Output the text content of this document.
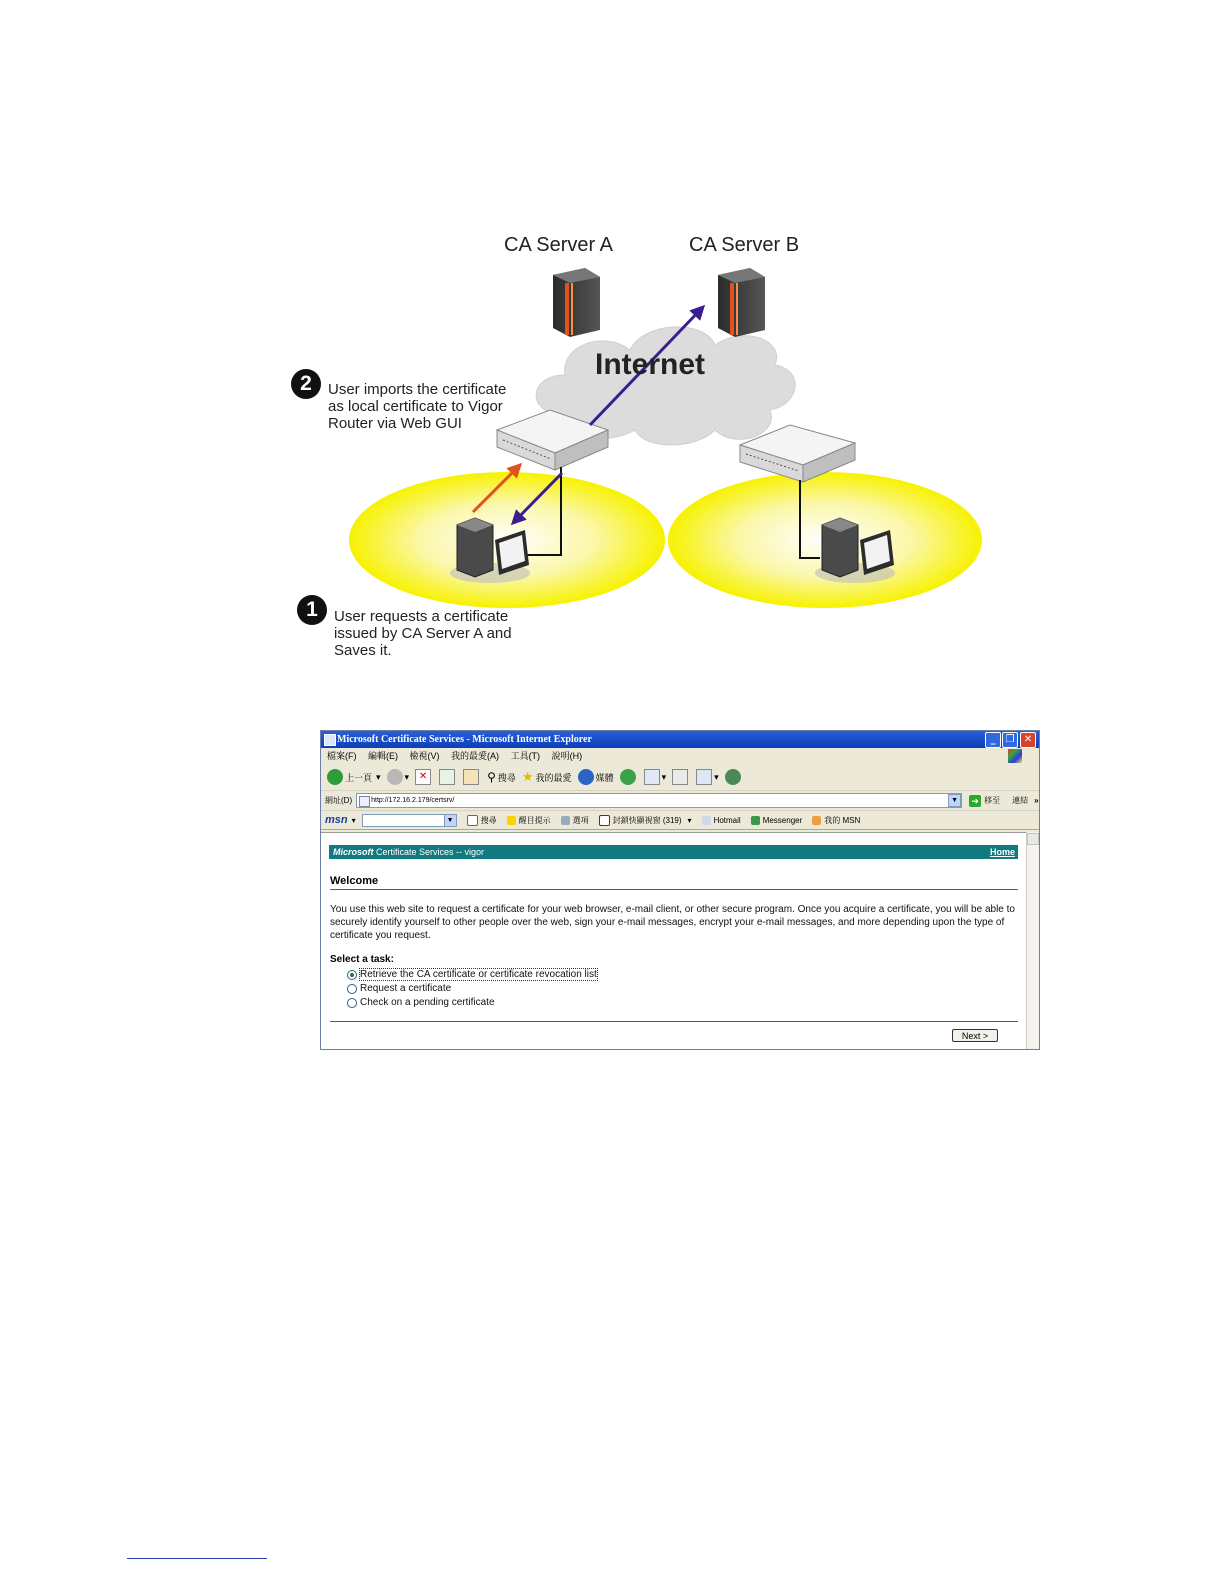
CA Server A	CA Server B
Internet
2	User imports the certificate
as local certificate to Vigor
Router via Web GUI
1	User requests a certificate
issued by CA Server A and
Saves it.
Microsoft Certificate Services - Microsoft Internet Explorer	_	❐ ✕
檔案(F) 編輯(E) 檢視(V) 我的最愛(A) 工具(T) 說明(H)
上一頁 ▾	▾ ✕	⚲ 搜尋 ★ 我的最愛	媒體	▾	▾
網址(D)	http://172.16.2.179/certsrv/	▼	➜ 移至 連結 »
msn ▾	▼	搜尋	醒目提示	選項	封鎖快顯視窗 (319) ▾	Hotmail	Messenger	我的 MSN
Microsoft Certificate Services -- vigor	Home
Welcome
You use this web site to request a certificate for your web browser, e-mail client, or other secure program. Once you acquire a certificate, you will be able to securely identify yourself to other people over the web, sign your e-mail messages, encrypt your e-mail messages, and more depending upon the type of certificate you request.
Select a task:
Retrieve the CA certificate or certificate revocation list
Request a certificate
Check on a pending certificate
Next >
